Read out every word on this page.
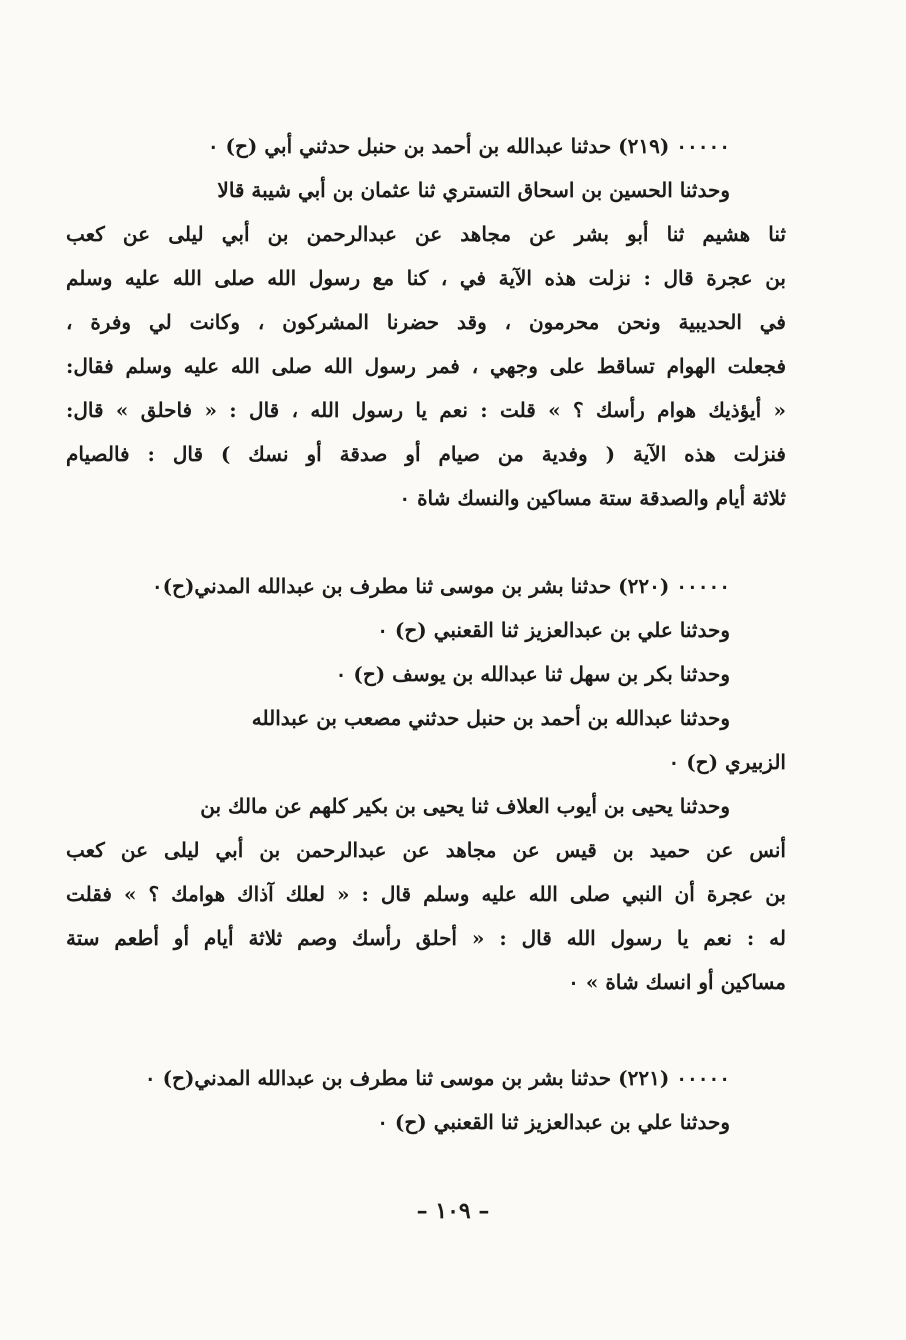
٠٠٠٠٠ (٢١٩) حدثنا عبدالله بن أحمد بن حنبل حدثني أبي (ح) ٠
وحدثنا الحسين بن اسحاق التستري ثنا عثمان بن أبي شيبة قالا
ثنا هشيم ثنا أبو بشر عن مجاهد عن عبدالرحمن بن أبي ليلى عن كعب
بن عجرة قال : نزلت هذه الآية في ، كنا مع رسول الله صلى الله عليه وسلم
في الحديبية ونحن محرمون ، وقد حضرنا المشركون ، وكانت لي وفرة ،
فجعلت الهوام تساقط على وجهي ، فمر رسول الله صلى الله عليه وسلم فقال:
« أيؤذيك هوام رأسك ؟ » قلت : نعم يا رسول الله ، قال : « فاحلق » قال:
فنزلت هذه الآية ( وفدية من صيام أو صدقة أو نسك ) قال : فالصيام
ثلاثة أيام والصدقة ستة مساكين والنسك شاة ٠
٠٠٠٠٠ (٢٢٠) حدثنا بشر بن موسى ثنا مطرف بن عبدالله المدني(ح)٠
وحدثنا علي بن عبدالعزيز ثنا القعنبي (ح) ٠
وحدثنا بكر بن سهل ثنا عبدالله بن يوسف (ح) ٠
وحدثنا عبدالله بن أحمد بن حنبل حدثني مصعب بن عبدالله
الزبيري (ح) ٠
وحدثنا يحيى بن أيوب العلاف ثنا يحيى بن بكير كلهم عن مالك بن
أنس عن حميد بن قيس عن مجاهد عن عبدالرحمن بن أبي ليلى عن كعب
بن عجرة أن النبي صلى الله عليه وسلم قال : « لعلك آذاك هوامك ؟ » فقلت
له : نعم يا رسول الله قال : « أحلق رأسك وصم ثلاثة أيام أو أطعم ستة
مساكين أو انسك شاة » ٠
٠٠٠٠٠ (٢٢١) حدثنا بشر بن موسى ثنا مطرف بن عبدالله المدني(ح) ٠
وحدثنا علي بن عبدالعزيز ثنا القعنبي (ح) ٠
– ١٠٩ –
